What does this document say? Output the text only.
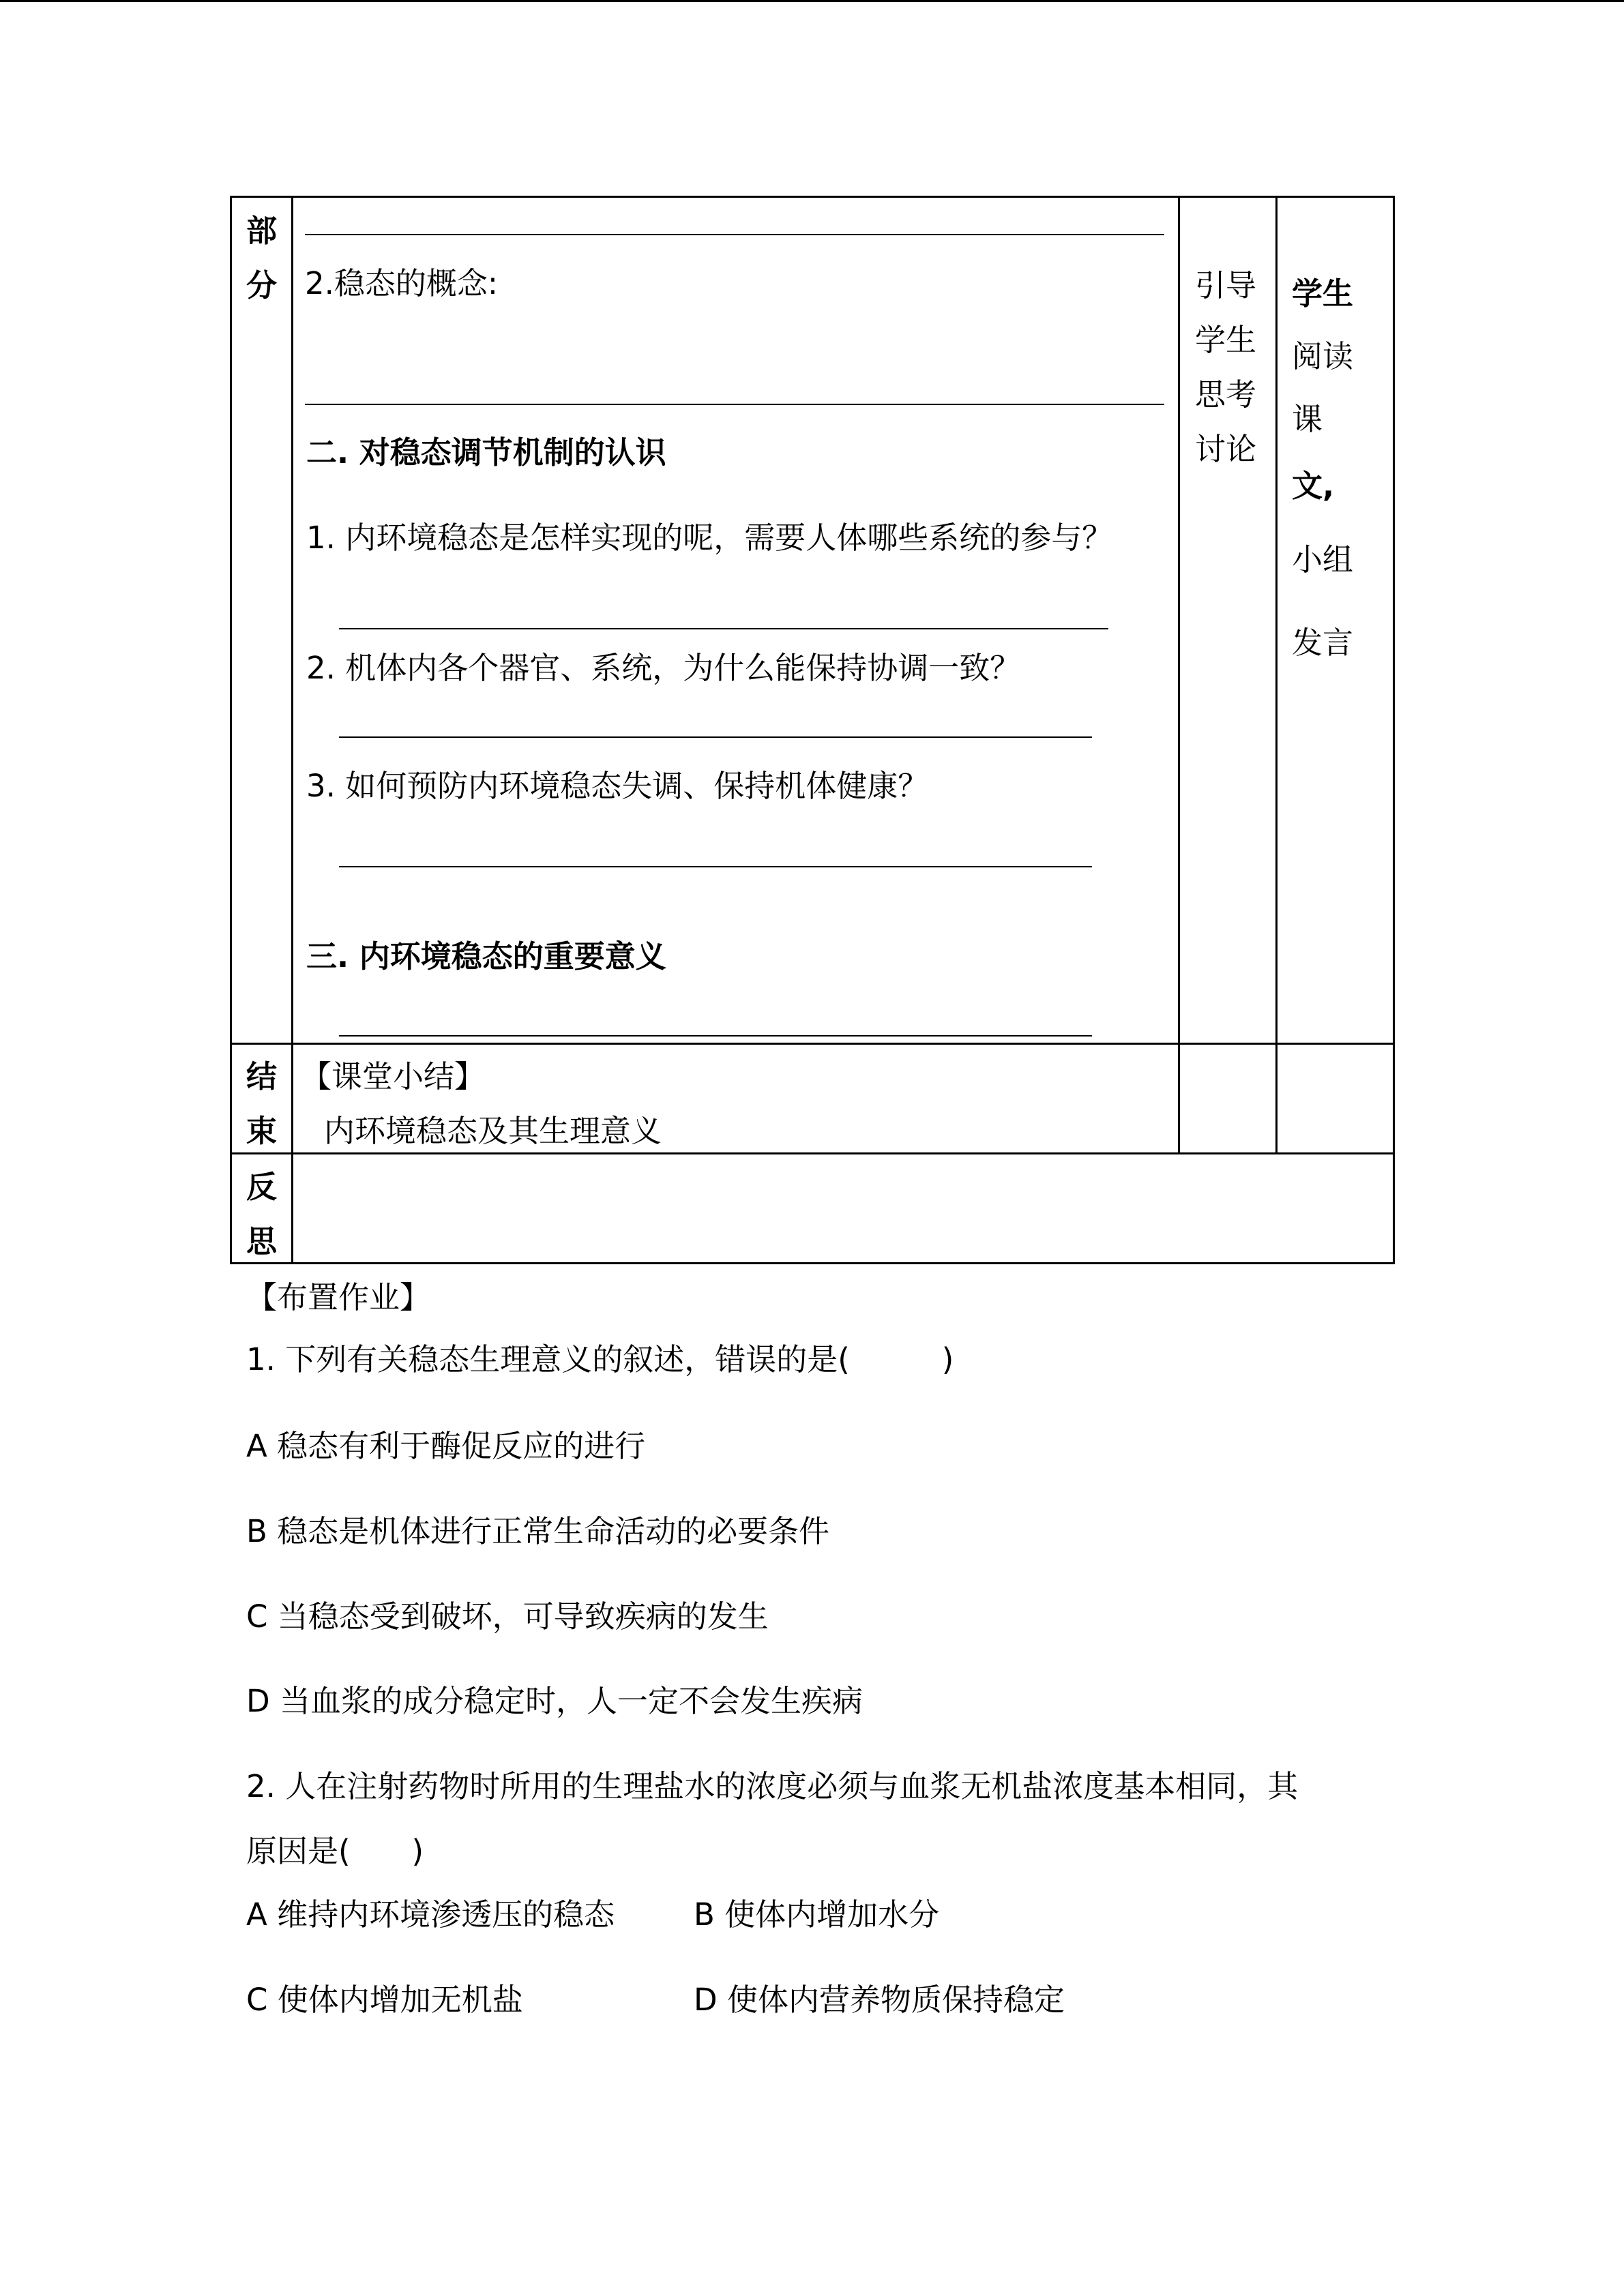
部
分 2.稳态的概念:
二. 对稳态调节机制的认识
1. 内环境稳态是怎样实现的呢，需要人体哪些系统的参与？
2. 机体内各个器官、系统，为什么能保持协调一致？
3. 如何预防内环境稳态失调、保持机体健康？
三. 内环境稳态的重要意义
引导
学生
思考
讨论
学生
阅读
课
文,
小组
发言
结
束
【课堂小结】
内环境稳态及其生理意义
反
思
【布置作业】
1. 下列有关稳态生理意义的叙述，错误的是(　　　)
A 稳态有利于酶促反应的进行
B 稳态是机体进行正常生命活动的必要条件
C 当稳态受到破坏，可导致疾病的发生
D 当血浆的成分稳定时，人一定不会发生疾病
2. 人在注射药物时所用的生理盐水的浓度必须与血浆无机盐浓度基本相同，其
原因是(　　)
A 维持内环境渗透压的稳态	B 使体内增加水分
C 使体内增加无机盐	D 使体内营养物质保持稳定
